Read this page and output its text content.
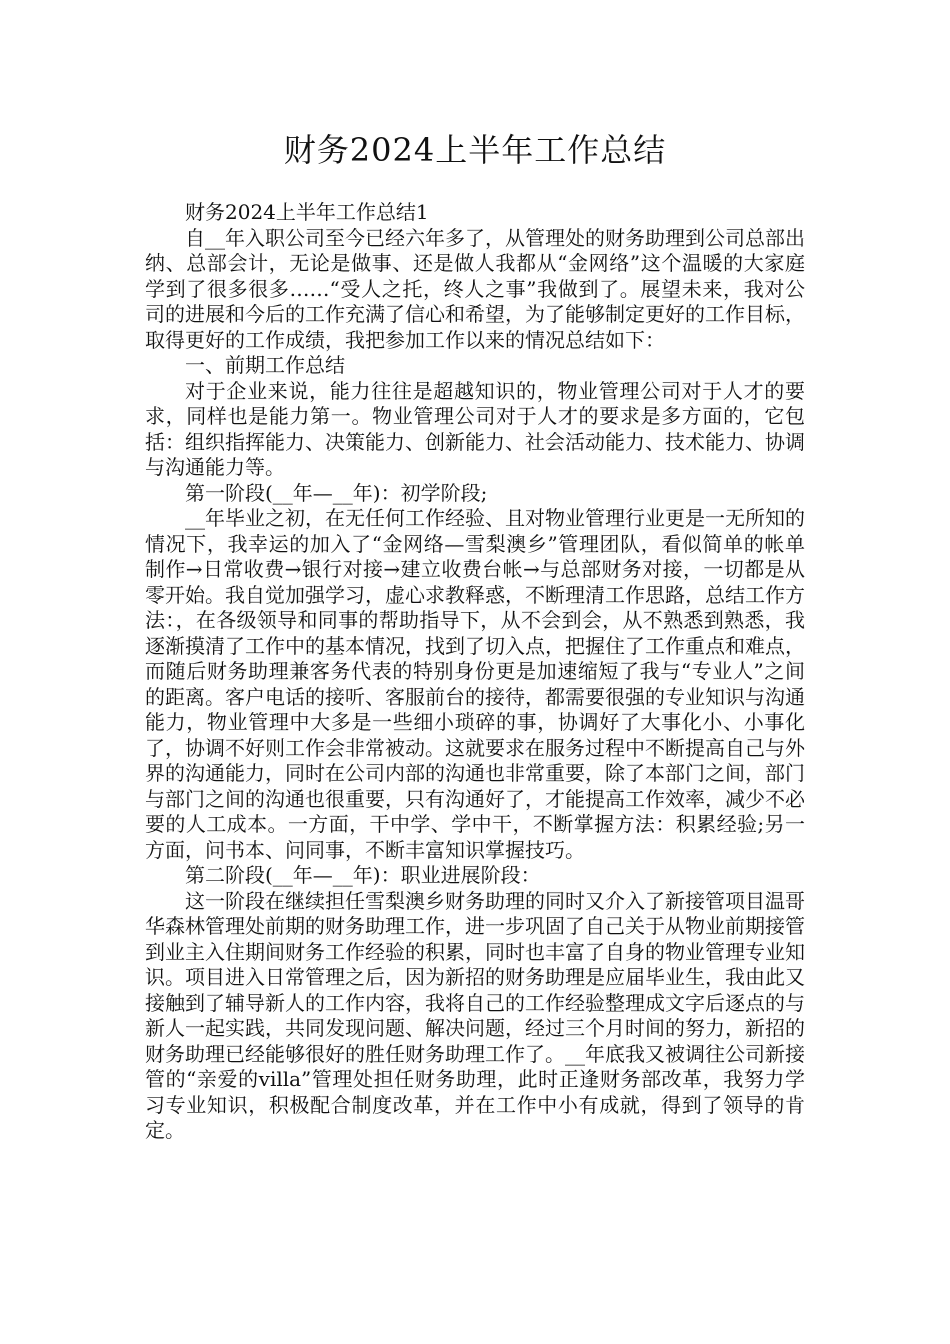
财务2024上半年工作总结

财务2024上半年工作总结1

自__年入职公司至今已经六年多了，从管理处的财务助理到公司总部出纳、总部会计，无论是做事、还是做人我都从“金网络”这个温暖的大家庭学到了很多很多……“受人之托，终人之事”我做到了。展望未来，我对公司的进展和今后的工作充满了信心和希望，为了能够制定更好的工作目标，取得更好的工作成绩，我把参加工作以来的情况总结如下：

一、前期工作总结

对于企业来说，能力往往是超越知识的，物业管理公司对于人才的要求，同样也是能力第一。物业管理公司对于人才的要求是多方面的，它包括：组织指挥能力、决策能力、创新能力、社会活动能力、技术能力、协调与沟通能力等。

第一阶段(__年—__年)：初学阶段;

__年毕业之初，在无任何工作经验、且对物业管理行业更是一无所知的情况下，我幸运的加入了“金网络—雪梨澳乡”管理团队，看似简单的帐单制作→日常收费→银行对接→建立收费台帐→与总部财务对接，一切都是从零开始。我自觉加强学习，虚心求教释惑，不断理清工作思路，总结工作方法：，在各级领导和同事的帮助指导下，从不会到会，从不熟悉到熟悉，我逐渐摸清了工作中的基本情况，找到了切入点，把握住了工作重点和难点，而随后财务助理兼客务代表的特别身份更是加速缩短了我与“专业人”之间的距离。客户电话的接听、客服前台的接待，都需要很强的专业知识与沟通能力，物业管理中大多是一些细小琐碎的事，协调好了大事化小、小事化了，协调不好则工作会非常被动。这就要求在服务过程中不断提高自己与外界的沟通能力，同时在公司内部的沟通也非常重要，除了本部门之间，部门与部门之间的沟通也很重要，只有沟通好了，才能提高工作效率，减少不必要的人工成本。一方面，干中学、学中干，不断掌握方法：积累经验;另一方面，问书本、问同事，不断丰富知识掌握技巧。

第二阶段(__年—__年)：职业进展阶段：

这一阶段在继续担任雪梨澳乡财务助理的同时又介入了新接管项目温哥华森林管理处前期的财务助理工作，进一步巩固了自己关于从物业前期接管到业主入住期间财务工作经验的积累，同时也丰富了自身的物业管理专业知识。项目进入日常管理之后，因为新招的财务助理是应届毕业生，我由此又接触到了辅导新人的工作内容，我将自己的工作经验整理成文字后逐点的与新人一起实践，共同发现问题、解决问题，经过三个月时间的努力，新招的财务助理已经能够很好的胜任财务助理工作了。__年底我又被调往公司新接管的“亲爱的villa”管理处担任财务助理，此时正逢财务部改革，我努力学习专业知识，积极配合制度改革，并在工作中小有成就，得到了领导的肯定。
